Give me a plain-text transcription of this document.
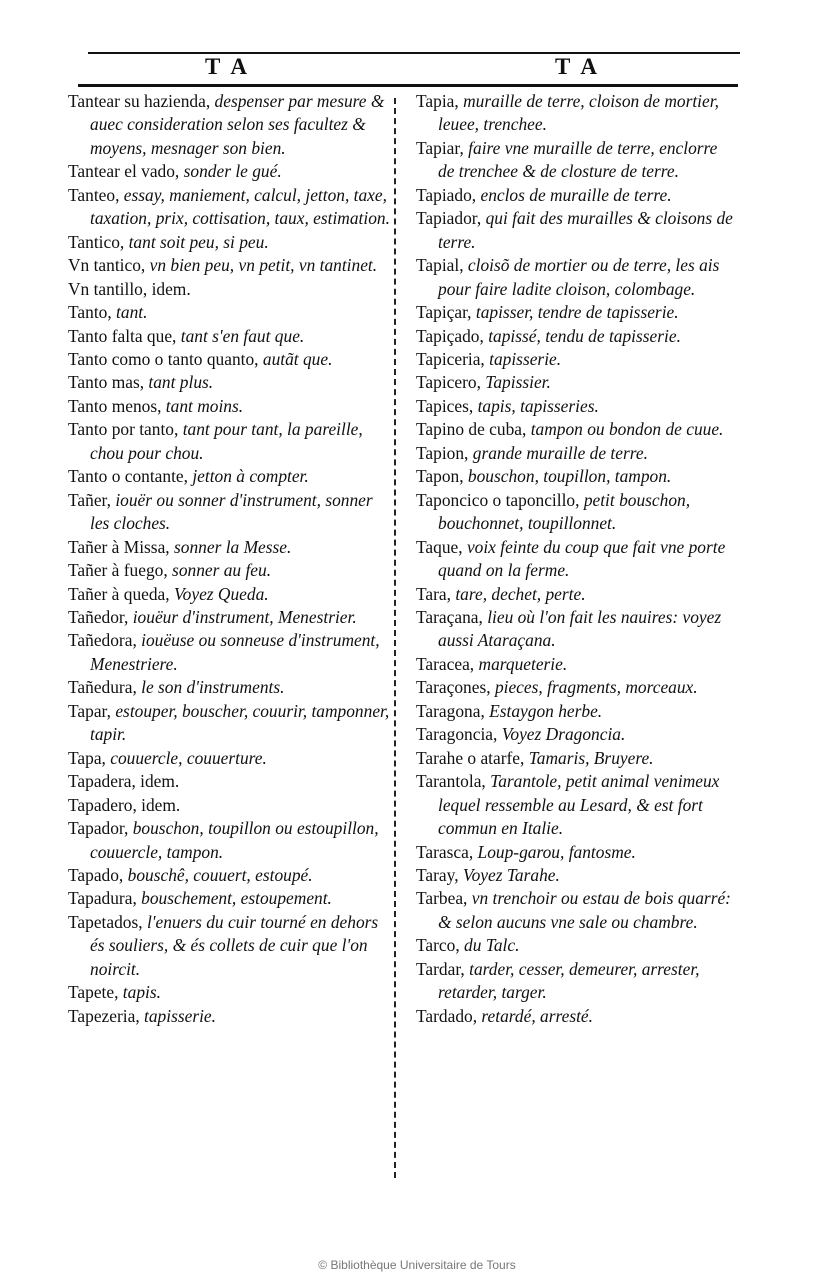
T A	T A

Tantear su hazienda, despenser par mesure & auec consideration selon ses facultez & moyens, mesnager son bien.

Tantear el vado, sonder le gué.

Tanteo, essay, maniement, calcul, jetton, taxe, taxation, prix, cottisation, taux, estimation.

Tantico, tant soit peu, si peu.

Vn tantico, vn bien peu, vn petit, vn tantinet.

Vn tantillo, idem.

Tanto, tant.

Tanto falta que, tant s'en faut que.

Tanto como o tanto quanto, autãt que.

Tanto mas, tant plus.

Tanto menos, tant moins.

Tanto por tanto, tant pour tant, la pareille, chou pour chou.

Tanto o contante, jetton à compter.

Tañer, iouër ou sonner d'instrument, sonner les cloches.

Tañer à Missa, sonner la Messe.

Tañer à fuego, sonner au feu.

Tañer à queda, Voyez Queda.

Tañedor, iouëur d'instrument, Menestrier.

Tañedora, iouëuse ou sonneuse d'instrument, Menestriere.

Tañedura, le son d'instruments.

Tapar, estouper, bouscher, couurir, tamponner, tapir.

Tapa, couuercle, couuerture.

Tapadera, idem.

Tapadero, idem.

Tapador, bouschon, toupillon ou estoupillon, couuercle, tampon.

Tapado, bouschê, couuert, estoupé.

Tapadura, bouschement, estoupement.

Tapetados, l'enuers du cuir tourné en dehors és souliers, & és collets de cuir que l'on noircit.

Tapete, tapis.

Tapezeria, tapisserie.

Tapia, muraille de terre, cloison de mortier, leuee, trenchee.

Tapiar, faire vne muraille de terre, enclorre de trenchee & de closture de terre.

Tapiado, enclos de muraille de terre.

Tapiador, qui fait des murailles & cloisons de terre.

Tapial, cloisõ de mortier ou de terre, les ais pour faire ladite cloison, colombage.

Tapiçar, tapisser, tendre de tapisserie.

Tapiçado, tapissé, tendu de tapisserie.

Tapiceria, tapisserie.

Tapicero, Tapissier.

Tapices, tapis, tapisseries.

Tapino de cuba, tampon ou bondon de cuue.

Tapion, grande muraille de terre.

Tapon, bouschon, toupillon, tampon.

Taponcico o taponcillo, petit bouschon, bouchonnet, toupillonnet.

Taque, voix feinte du coup que fait vne porte quand on la ferme.

Tara, tare, dechet, perte.

Taraçana, lieu où l'on fait les nauires: voyez aussi Ataraçana.

Taracea, marqueterie.

Taraçones, pieces, fragments, morceaux.

Taragona, Estaygon herbe.

Taragoncia, Voyez Dragoncia.

Tarahe o atarfe, Tamaris, Bruyere.

Tarantola, Tarantole, petit animal venimeux lequel ressemble au Lesard, & est fort commun en Italie.

Tarasca, Loup-garou, fantosme.

Taray, Voyez Tarahe.

Tarbea, vn trenchoir ou estau de bois quarré: & selon aucuns vne sale ou chambre.

Tarco, du Talc.

Tardar, tarder, cesser, demeurer, arrester, retarder, targer.

Tardado, retardé, arresté.

© Bibliothèque Universitaire de Tours
